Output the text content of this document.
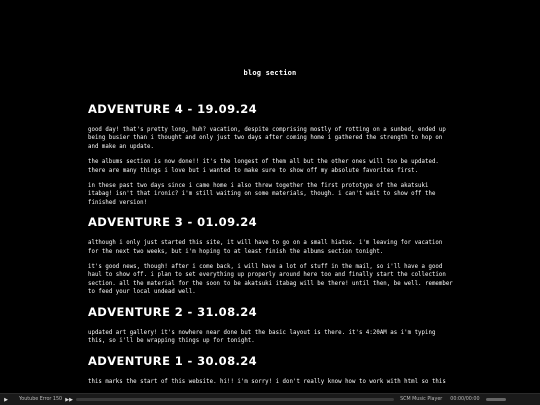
blog section
ADVENTURE 4 - 19.09.24

good day! that's pretty long, huh? vacation, despite comprising mostly of rotting on a sunbed, ended up being busier than i thought and only just two days after coming home i gathered the strength to hop on and make an update.

the albums section is now done!! it's the longest of them all but the other ones will too be updated. there are many things i love but i wanted to make sure to show off my absolute favorites first.

in these past two days since i came home i also threw together the first prototype of the akatsuki itabag! isn't that ironic? i'm still waiting on some materials, though. i can't wait to show off the finished version!

ADVENTURE 3 - 01.09.24

although i only just started this site, it will have to go on a small hiatus. i'm leaving for vacation for the next two weeks, but i'm hoping to at least finish the albums section tonight.

it's good news, though! after i come back, i will have a lot of stuff in the mail, so i'll have a good haul to show off. i plan to set everything up properly around here too and finally start the collection section. all the material for the soon to be akatsuki itabag will be there! until then, be well. remember to feed your local undead well.

ADVENTURE 2 - 31.08.24

updated art gallery! it's nowhere near done but the basic layout is there. it's 4:20AM as i'm typing this, so i'll be wrapping things up for tonight.

ADVENTURE 1 - 30.08.24

this marks the start of this website. hi!! i'm sorry! i don't really know how to work with html so this

▶ Youtube Error 150 ▶▶	SCM Music Player 00:00/00:00
